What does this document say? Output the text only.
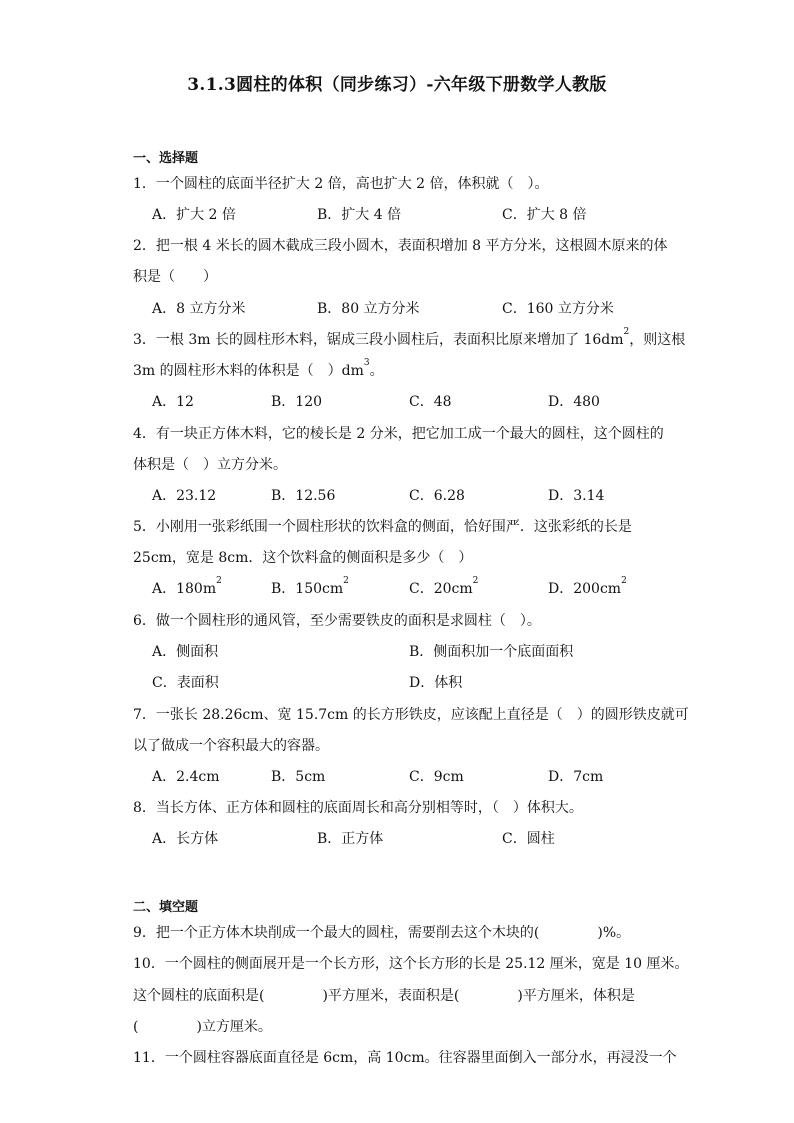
3.1.3圆柱的体积（同步练习）-六年级下册数学人教版
一、选择题
1．一个圆柱的底面半径扩大 2 倍，高也扩大 2 倍，体积就（　）。
A．扩大 2 倍	B．扩大 4 倍	C．扩大 8 倍
2．把一根 4 米长的圆木截成三段小圆木，表面积增加 8 平方分米，这根圆木原来的体
积是（　　）
A．8 立方分米	B．80 立方分米	C．160 立方分米
3．一根 3m 长的圆柱形木料，锯成三段小圆柱后，表面积比原来增加了 $16dm^2$，则这根
3m 的圆柱形木料的体积是（　）$dm^3$。
A．12	B．120	C．48	D．480
4．有一块正方体木料，它的棱长是 2 分米，把它加工成一个最大的圆柱，这个圆柱的
体积是（　）立方分米。
A．23.12	B．12.56	C．6.28	D．3.14
5．小刚用一张彩纸围一个圆柱形状的饮料盒的侧面，恰好围严．这张彩纸的长是
25cm，宽是 8cm．这个饮料盒的侧面积是多少（　）
A．$180m^2$	B．$150cm^2$	C．$20cm^2$	D．$200cm^2$
6．做一个圆柱形的通风管，至少需要铁皮的面积是求圆柱（　）。
A．侧面积	B．侧面积加一个底面面积
C．表面积	D．体积
7．一张长 28.26cm、宽 15.7cm 的长方形铁皮，应该配上直径是（　）的圆形铁皮就可
以了做成一个容积最大的容器。
A．2.4cm	B．5cm	C．9cm	D．7cm
8．当长方体、正方体和圆柱的底面周长和高分别相等时，（　）体积大。
A．长方体	B．正方体	C．圆柱
二、填空题
9．把一个正方体木块削成一个最大的圆柱，需要削去这个木块的(	)%。
10．一个圆柱的侧面展开是一个长方形，这个长方形的长是 25.12 厘米，宽是 10 厘米。
这个圆柱的底面积是(	)平方厘米，表面积是(	)平方厘米，体积是
(	)立方厘米。
11．一个圆柱容器底面直径是 6cm，高 10cm。往容器里面倒入一部分水，再浸没一个
